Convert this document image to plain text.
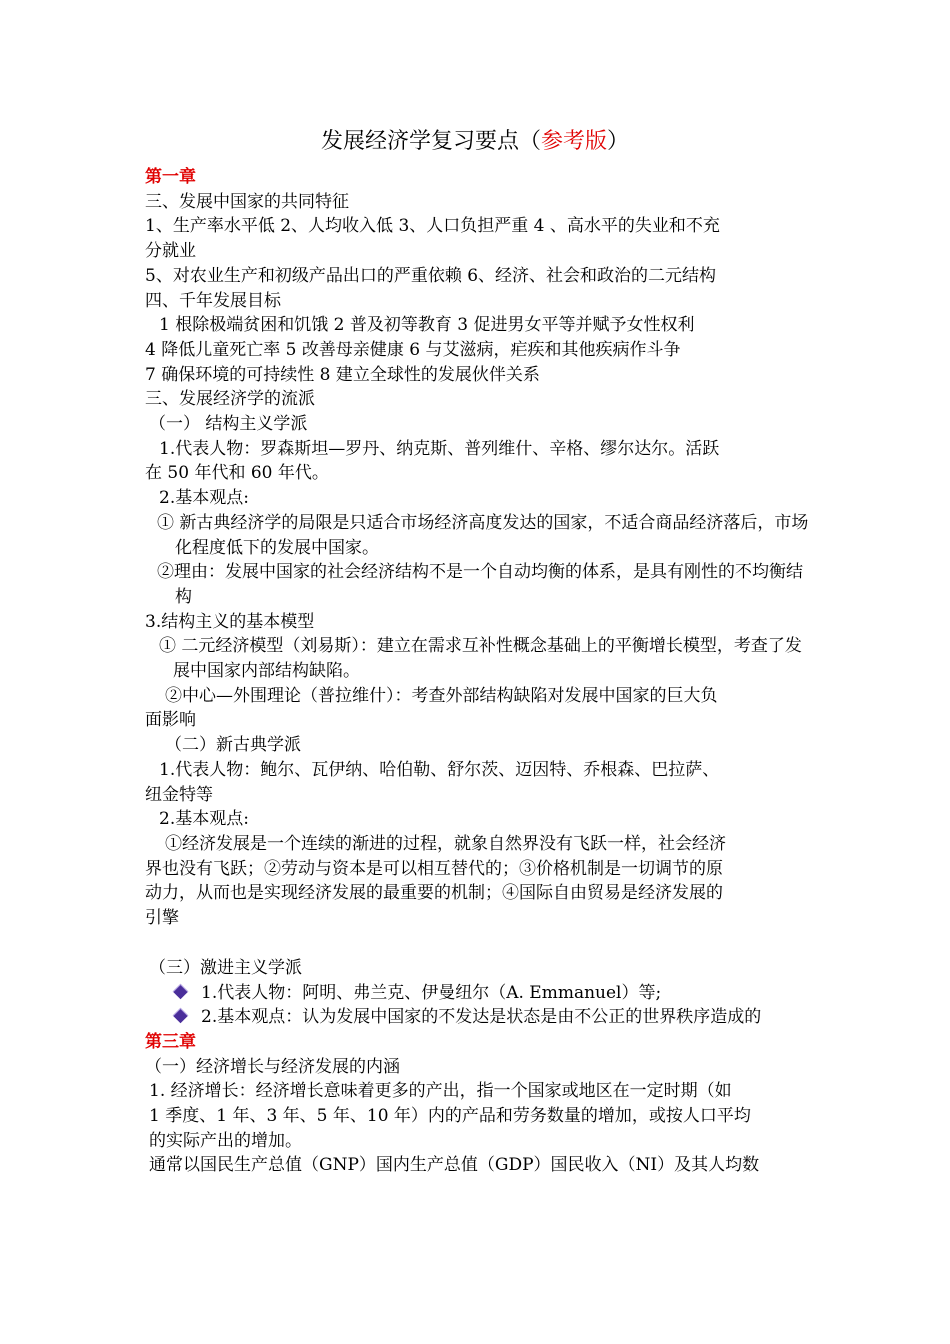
发展经济学复习要点（参考版）

第一章

三、发展中国家的共同特征

1、生产率水平低 2、人均收入低 3、人口负担严重 4 、高水平的失业和不充

分就业

5、对农业生产和初级产品出口的严重依赖 6、经济、社会和政治的二元结构

四、千年发展目标

1 根除极端贫困和饥饿 2 普及初等教育 3 促进男女平等并赋予女性权利

4 降低儿童死亡率 5 改善母亲健康 6 与艾滋病，疟疾和其他疾病作斗争

7 确保环境的可持续性 8 建立全球性的发展伙伴关系

三、发展经济学的流派

（一） 结构主义学派

1.代表人物：罗森斯坦—罗丹、纳克斯、普列维什、辛格、缪尔达尔。活跃

在 50 年代和 60 年代。

2.基本观点:

① 新古典经济学的局限是只适合市场经济高度发达的国家，不适合商品经济落后，市场化程度低下的发展中国家。

②理由：发展中国家的社会经济结构不是一个自动均衡的体系，是具有刚性的不均衡结构

3.结构主义的基本模型

① 二元经济模型（刘易斯）：建立在需求互补性概念基础上的平衡增长模型，考查了发展中国家内部结构缺陷。

②中心—外围理论（普拉维什）：考查外部结构缺陷对发展中国家的巨大负

面影响

（二）新古典学派

1.代表人物：鲍尔、瓦伊纳、哈伯勒、舒尔茨、迈因特、乔根森、巴拉萨、

纽金特等

2.基本观点:

①经济发展是一个连续的渐进的过程，就象自然界没有飞跃一样，社会经济

界也没有飞跃；②劳动与资本是可以相互替代的；③价格机制是一切调节的原

动力，从而也是实现经济发展的最重要的机制；④国际自由贸易是经济发展的

引擎

（三）激进主义学派

1.代表人物：阿明、弗兰克、伊曼纽尔（A. Emmanuel）等;

2.基本观点：认为发展中国家的不发达是状态是由不公正的世界秩序造成的

第三章

（一）经济增长与经济发展的内涵

1. 经济增长：经济增长意味着更多的产出，指一个国家或地区在一定时期（如

1 季度、1 年、3 年、5 年、10 年）内的产品和劳务数量的增加，或按人口平均

的实际产出的增加。

通常以国民生产总值（GNP）国内生产总值（GDP）国民收入（NI）及其人均数
